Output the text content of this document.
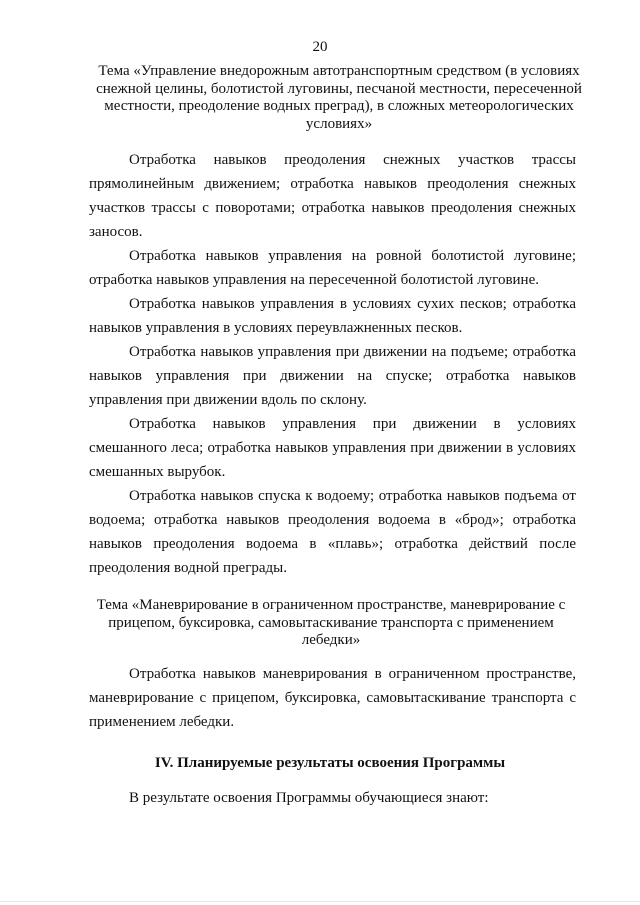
20
Тема «Управление внедорожным автотранспортным средством (в условиях снежной целины, болотистой луговины, песчаной местности, пересеченной местности, преодоление водных преград), в сложных метеорологических условиях»

Отработка навыков преодоления снежных участков трассы прямолинейным движением; отработка навыков преодоления снежных участков трассы с поворотами; отработка навыков преодоления снежных заносов.

Отработка навыков управления на ровной болотистой луговине; отработка навыков управления на пересеченной болотистой луговине.

Отработка навыков управления в условиях сухих песков; отработка навыков управления в условиях переувлажненных песков.

Отработка навыков управления при движении на подъеме; отработка навыков управления при движении на спуске; отработка навыков управления при движении вдоль по склону.

Отработка навыков управления при движении в условиях смешанного леса; отработка навыков управления при движении в условиях смешанных вырубок.

Отработка навыков спуска к водоему; отработка навыков подъема от водоема; отработка навыков преодоления водоема в «брод»; отработка навыков преодоления водоема в «плавь»; отработка действий после преодоления водной преграды.

Тема «Маневрирование в ограниченном пространстве, маневрирование с прицепом, буксировка, самовытаскивание транспорта с применением лебедки»

Отработка навыков маневрирования в ограниченном пространстве, маневрирование с прицепом, буксировка, самовытаскивание транспорта с применением лебедки.

IV. Планируемые результаты освоения Программы

В результате освоения Программы обучающиеся знают:
